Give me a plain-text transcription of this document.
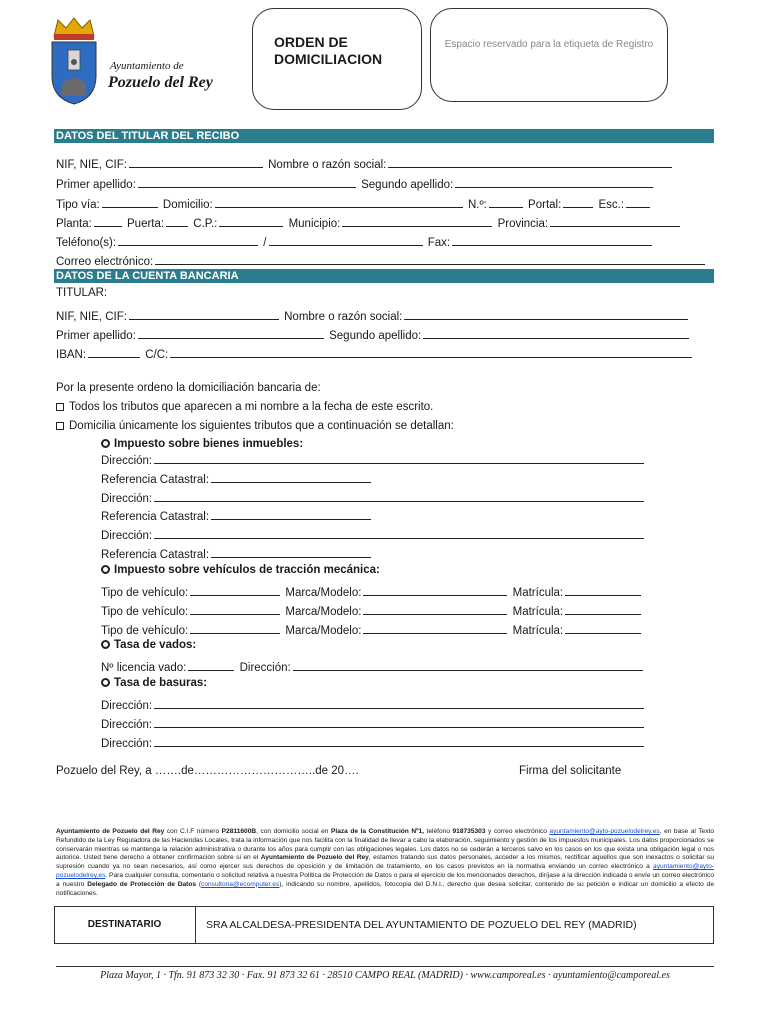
Ayuntamiento de
Pozuelo del Rey
ORDEN DE
DOMICILIACION
Espacio reservado para la etiqueta de Registro
DATOS DEL TITULAR DEL RECIBO
NIF, NIE, CIF:	Nombre o razón social:
Primer apellido:	Segundo apellido:
Tipo vía:	Domicilio:	N.º:	Portal:	Esc.:
Planta:	Puerta:	C.P.:	Municipio:	Provincia:
Teléfono(s):	/	Fax:
Correo electrónico:
DATOS DE LA CUENTA BANCARIA
TITULAR:
NIF, NIE, CIF:	Nombre o razón social:
Primer apellido:	Segundo apellido:
IBAN:	C/C:
Por la presente ordeno la domiciliación bancaria de:
Todos los tributos que aparecen a mi nombre a la fecha de este escrito.
Domicilia únicamente los siguientes tributos que a continuación se detallan:
Impuesto sobre bienes inmuebles:
Dirección:
Referencia Catastral:
Dirección:
Referencia Catastral:
Dirección:
Referencia Catastral:
Impuesto sobre vehículos de tracción mecánica:
Tipo de vehículo:	Marca/Modelo:	Matrícula:
Tipo de vehículo:	Marca/Modelo:	Matrícula:
Tipo de vehículo:	Marca/Modelo:	Matrícula:
Tasa de vados:
Nº licencia vado:	Dirección:
Tasa de basuras:
Dirección:
Dirección:
Dirección:
Pozuelo del Rey, a …….de…………………………..de 20….	Firma del solicitante
Ayuntamiento de Pozuelo del Rey con C.I.F número P2811600B, con domicilio social en Plaza de la Constitución Nº1, teléfono 918735303 y correo electrónico ayuntamiento@ayto-pozuelodelrey.es, en base al Texto Refundido de la Ley Reguladora de las Haciendas Locales, trata la información que nos facilita con la finalidad de llevar a cabo la elaboración, seguimiento y gestión de los impuestos municipales. Los datos proporcionados se conservarán mientras se mantenga la relación administrativa o durante los años para cumplir con las obligaciones legales. Los datos no se cederán a terceros salvo en los casos en los que exista una obligación legal o nos autorice. Usted tiene derecho a obtener confirmación sobre si en el Ayuntamiento de Pozuelo del Rey, estamos tratando sus datos personales, acceder a los mismos, rectificar aquellos que son inexactos o solicitar su supresión cuando ya no sean necesarios, así como ejercer sus derechos de oposición y de limitación de tratamiento, en los casos previstos en la normativa enviando un correo electrónico a ayuntamiento@ayto-pozuelodelrey.es. Para cualquier consulta, comentario o solicitud relativa a nuestra Política de Protección de Datos o para el ejercicio de los mencionados derechos, diríjase a la dirección indicada o envíe un correo electrónico a nuestro Delegado de Protección de Datos (consultoria@ecomputer.es), indicando su nombre, apellidos, fotocopia del D.N.I., derecho que desea solicitar, contenido de su petición e indicar un domicilio a efecto de notificaciones.
DESTINATARIO	SRA ALCALDESA-PRESIDENTA DEL AYUNTAMIENTO DE POZUELO DEL REY (MADRID)
Plaza Mayor, 1 · Tfn. 91 873 32 30 · Fax. 91 873 32 61 · 28510 CAMPO REAL (MADRID) · www.camporeal.es · ayuntamiento@camporeal.es
